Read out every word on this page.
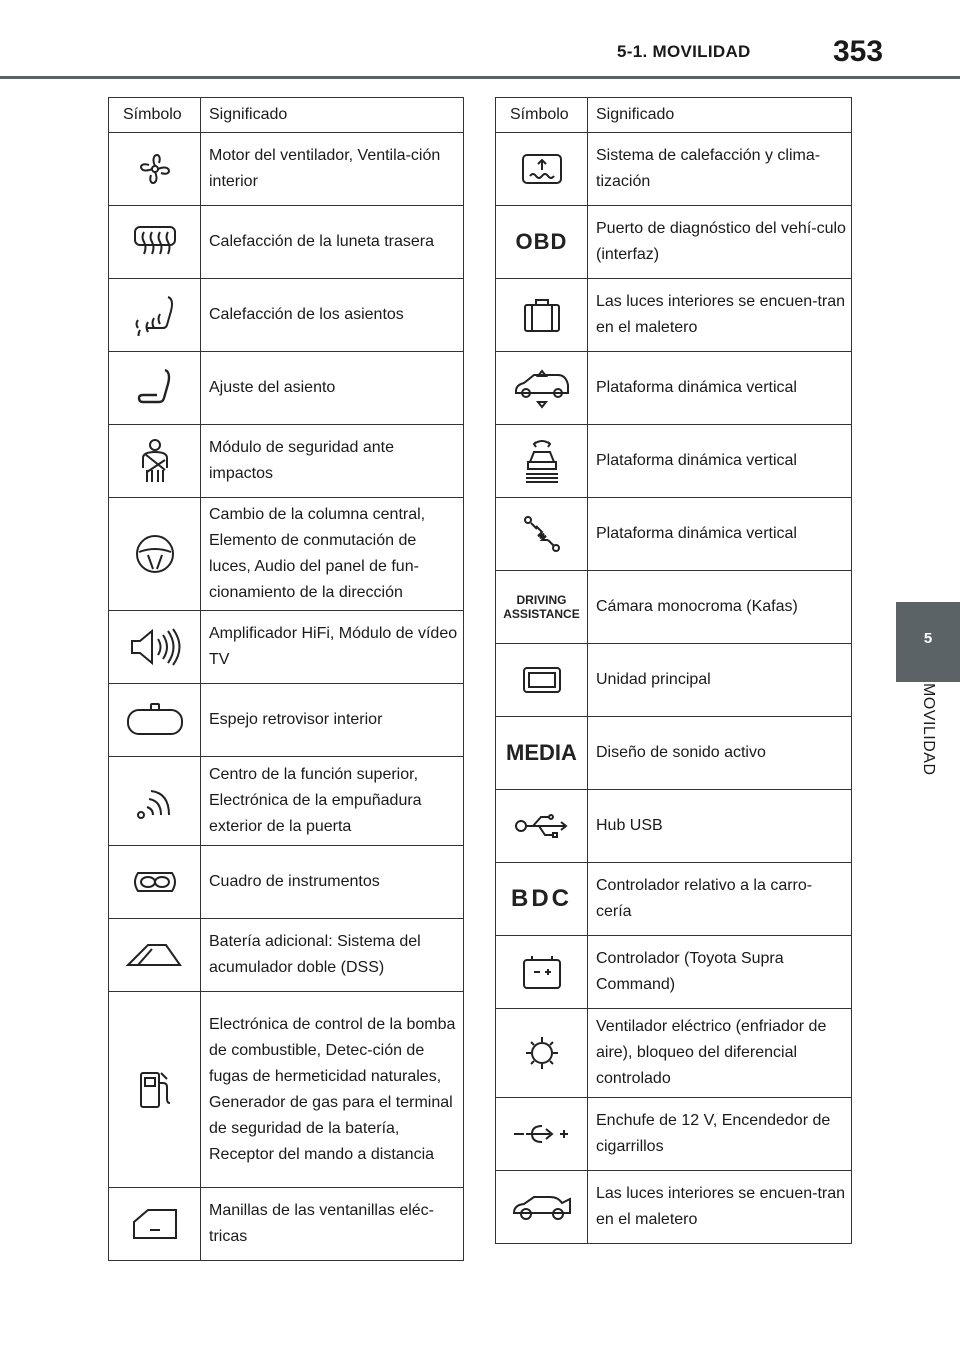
5-1. MOVILIDAD	353
5
MOVILIDAD
Símbolo	Significado

	Motor del ventilador, Ventila-ción interior

	Calefacción de la luneta trasera

	Calefacción de los asientos

	Ajuste del asiento

	Módulo de seguridad ante impactos

	Cambio de la columna central, Elemento de conmutación de luces, Audio del panel de fun-cionamiento de la dirección

	Amplificador HiFi, Módulo de vídeo TV

	Espejo retrovisor interior

	Centro de la función superior, Electrónica de la empuñadura exterior de la puerta

	Cuadro de instrumentos

	Batería adicional: Sistema del acumulador doble (DSS)

	Electrónica de control de la bomba de combustible, Detec-ción de fugas de hermeticidad naturales, Generador de gas para el terminal de seguridad de la batería, Receptor del mando a distancia

	Manillas de las ventanillas eléc-tricas
Símbolo	Significado

	Sistema de calefacción y clima-tización

OBD	Puerto de diagnóstico del vehí-culo (interfaz)

	Las luces interiores se encuen-tran en el maletero

	Plataforma dinámica vertical

	Plataforma dinámica vertical

	Plataforma dinámica vertical

DRIVING
ASSISTANCE	Cámara monocroma (Kafas)

	Unidad principal

MEDIA	Diseño de sonido activo

	Hub USB

BDC	Controlador relativo a la carro-cería

	Controlador (Toyota Supra Command)

	Ventilador eléctrico (enfriador de aire), bloqueo del diferencial controlado

	Enchufe de 12 V, Encendedor de cigarrillos

	Las luces interiores se encuen-tran en el maletero
